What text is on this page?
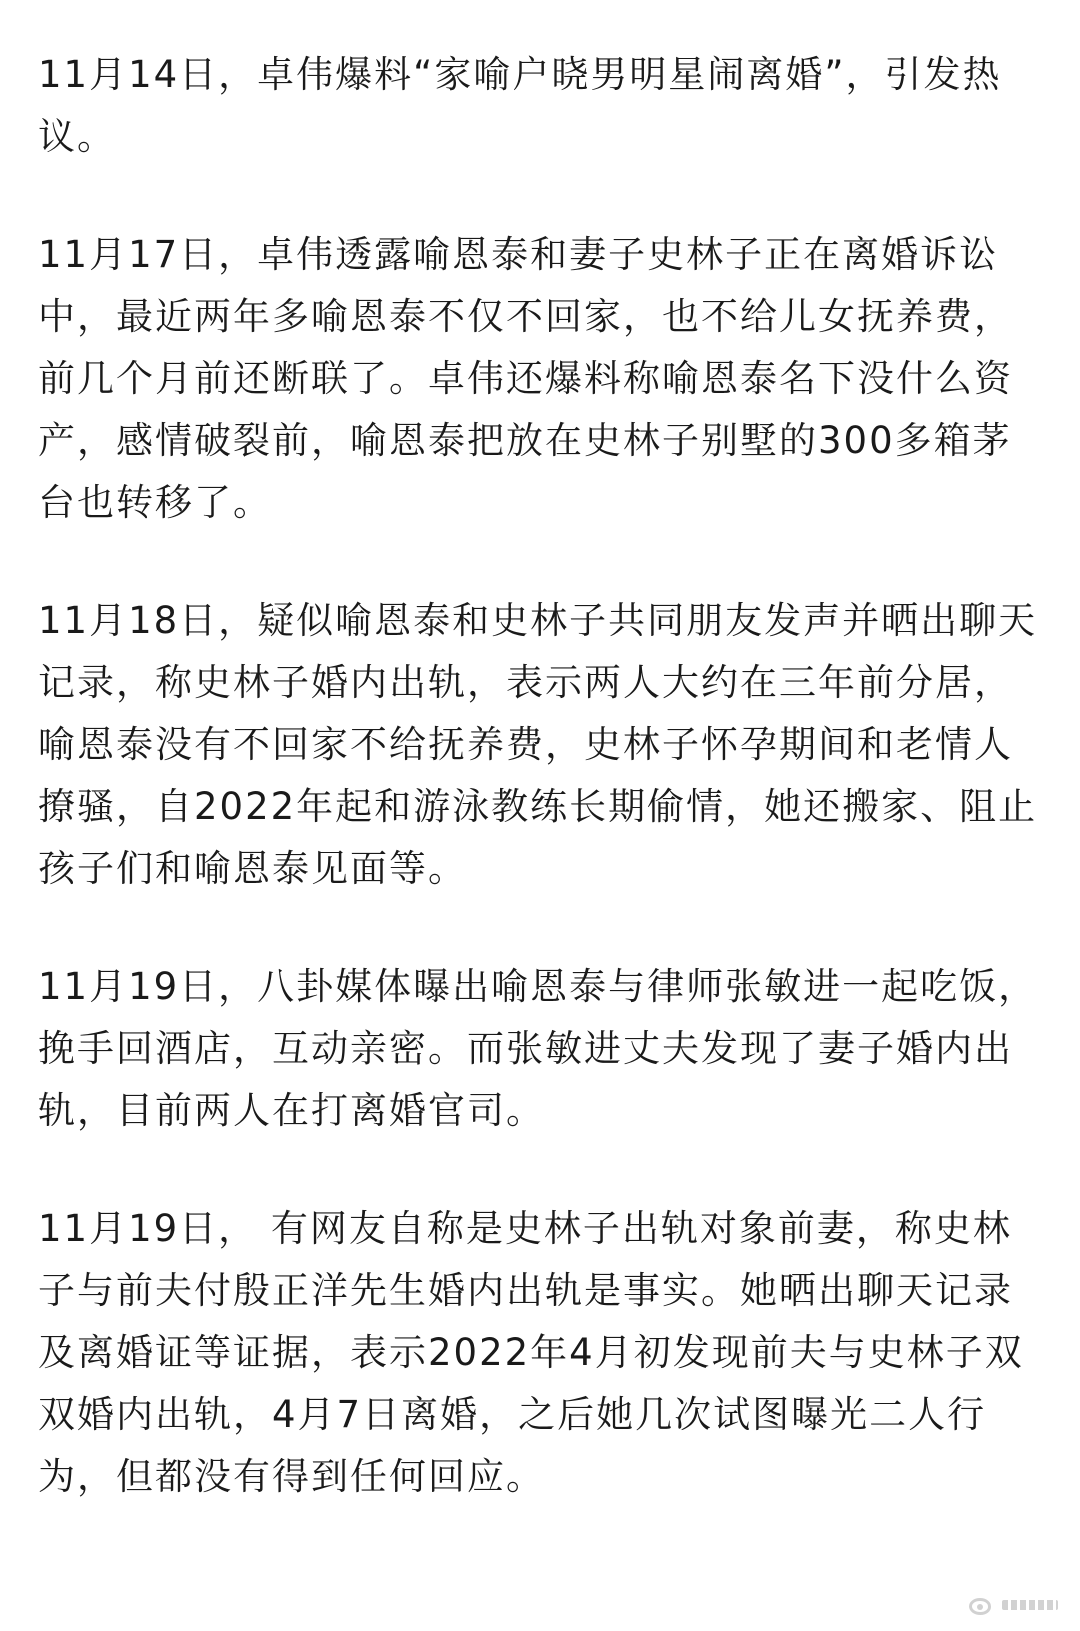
11月14日，卓伟爆料“家喻户晓男明星闹离婚”，引发热议。

11月17日，卓伟透露喻恩泰和妻子史林子正在离婚诉讼中，最近两年多喻恩泰不仅不回家，也不给儿女抚养费，前几个月前还断联了。卓伟还爆料称喻恩泰名下没什么资产，感情破裂前，喻恩泰把放在史林子别墅的300多箱茅台也转移了。

11月18日，疑似喻恩泰和史林子共同朋友发声并晒出聊天记录，称史林子婚内出轨，表示两人大约在三年前分居，喻恩泰没有不回家不给抚养费，史林子怀孕期间和老情人撩骚，自2022年起和游泳教练长期偷情，她还搬家、阻止孩子们和喻恩泰见面等。

11月19日，八卦媒体曝出喻恩泰与律师张敏进一起吃饭，挽手回酒店，互动亲密。而张敏进丈夫发现了妻子婚内出轨，目前两人在打离婚官司。

11月19日， 有网友自称是史林子出轨对象前妻，称史林子与前夫付殷正洋先生婚内出轨是事实。她晒出聊天记录及离婚证等证据，表示2022年4月初发现前夫与史林子双双婚内出轨，4月7日离婚，之后她几次试图曝光二人行为，但都没有得到任何回应。
